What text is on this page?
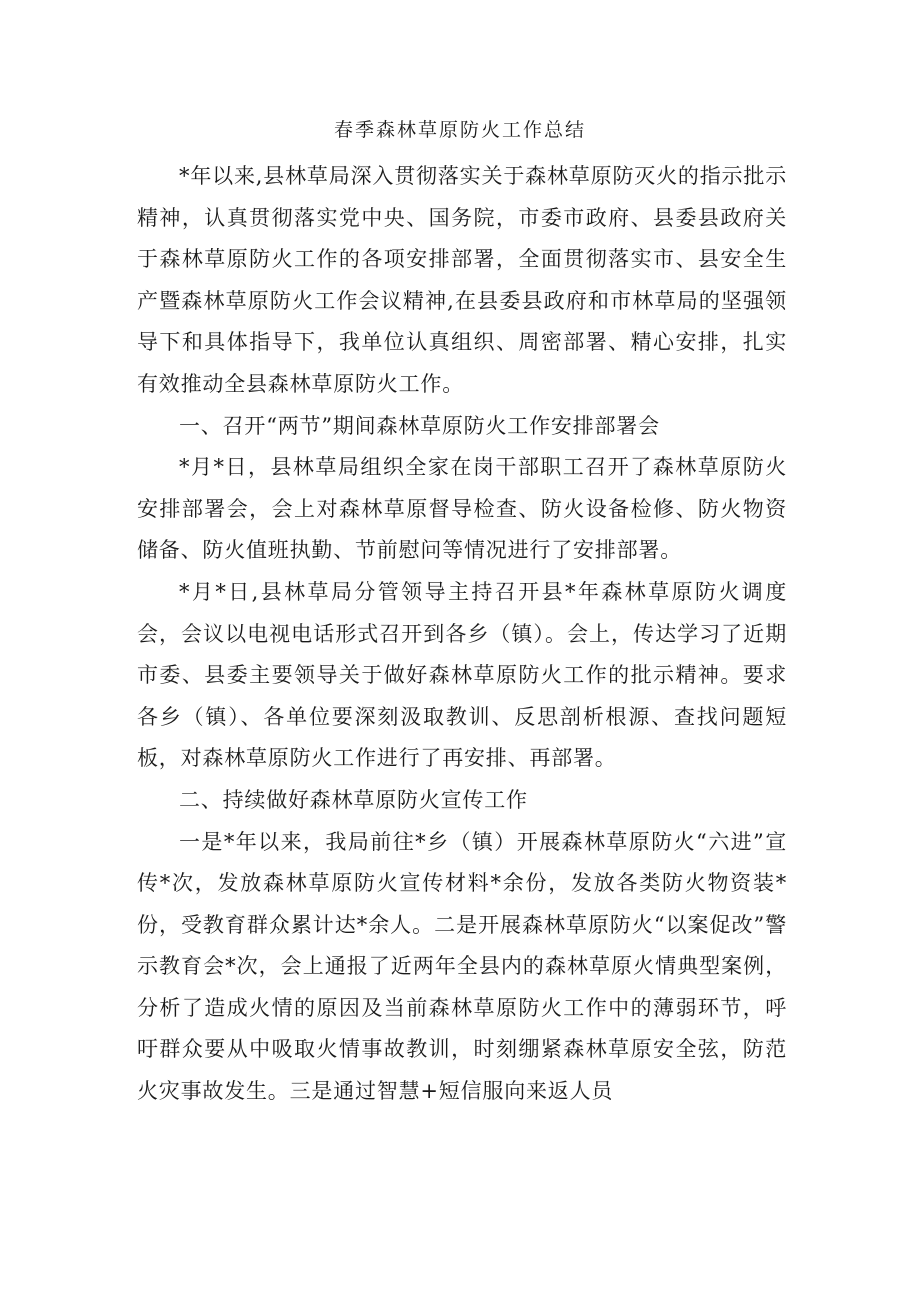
春季森林草原防火工作总结

*年以来,县林草局深入贯彻落实关于森林草原防灭火的指示批示精神，认真贯彻落实党中央、国务院，市委市政府、县委县政府关于森林草原防火工作的各项安排部署，全面贯彻落实市、县安全生产暨森林草原防火工作会议精神,在县委县政府和市林草局的坚强领导下和具体指导下，我单位认真组织、周密部署、精心安排，扎实有效推动全县森林草原防火工作。

一、召开“两节”期间森林草原防火工作安排部署会

*月*日，县林草局组织全家在岗干部职工召开了森林草原防火安排部署会，会上对森林草原督导检查、防火设备检修、防火物资储备、防火值班执勤、节前慰问等情况进行了安排部署。

*月*日,县林草局分管领导主持召开县*年森林草原防火调度会，会议以电视电话形式召开到各乡（镇）。会上，传达学习了近期市委、县委主要领导关于做好森林草原防火工作的批示精神。要求各乡（镇）、各单位要深刻汲取教训、反思剖析根源、查找问题短板，对森林草原防火工作进行了再安排、再部署。

二、持续做好森林草原防火宣传工作

一是*年以来，我局前往*乡（镇）开展森林草原防火“六进”宣传*次，发放森林草原防火宣传材料*余份，发放各类防火物资装*份，受教育群众累计达*余人。二是开展森林草原防火“以案促改”警示教育会*次，会上通报了近两年全县内的森林草原火情典型案例，分析了造成火情的原因及当前森林草原防火工作中的薄弱环节，呼吁群众要从中吸取火情事故教训，时刻绷紧森林草原安全弦，防范火灾事故发生。三是通过智慧+短信服向来返人员
